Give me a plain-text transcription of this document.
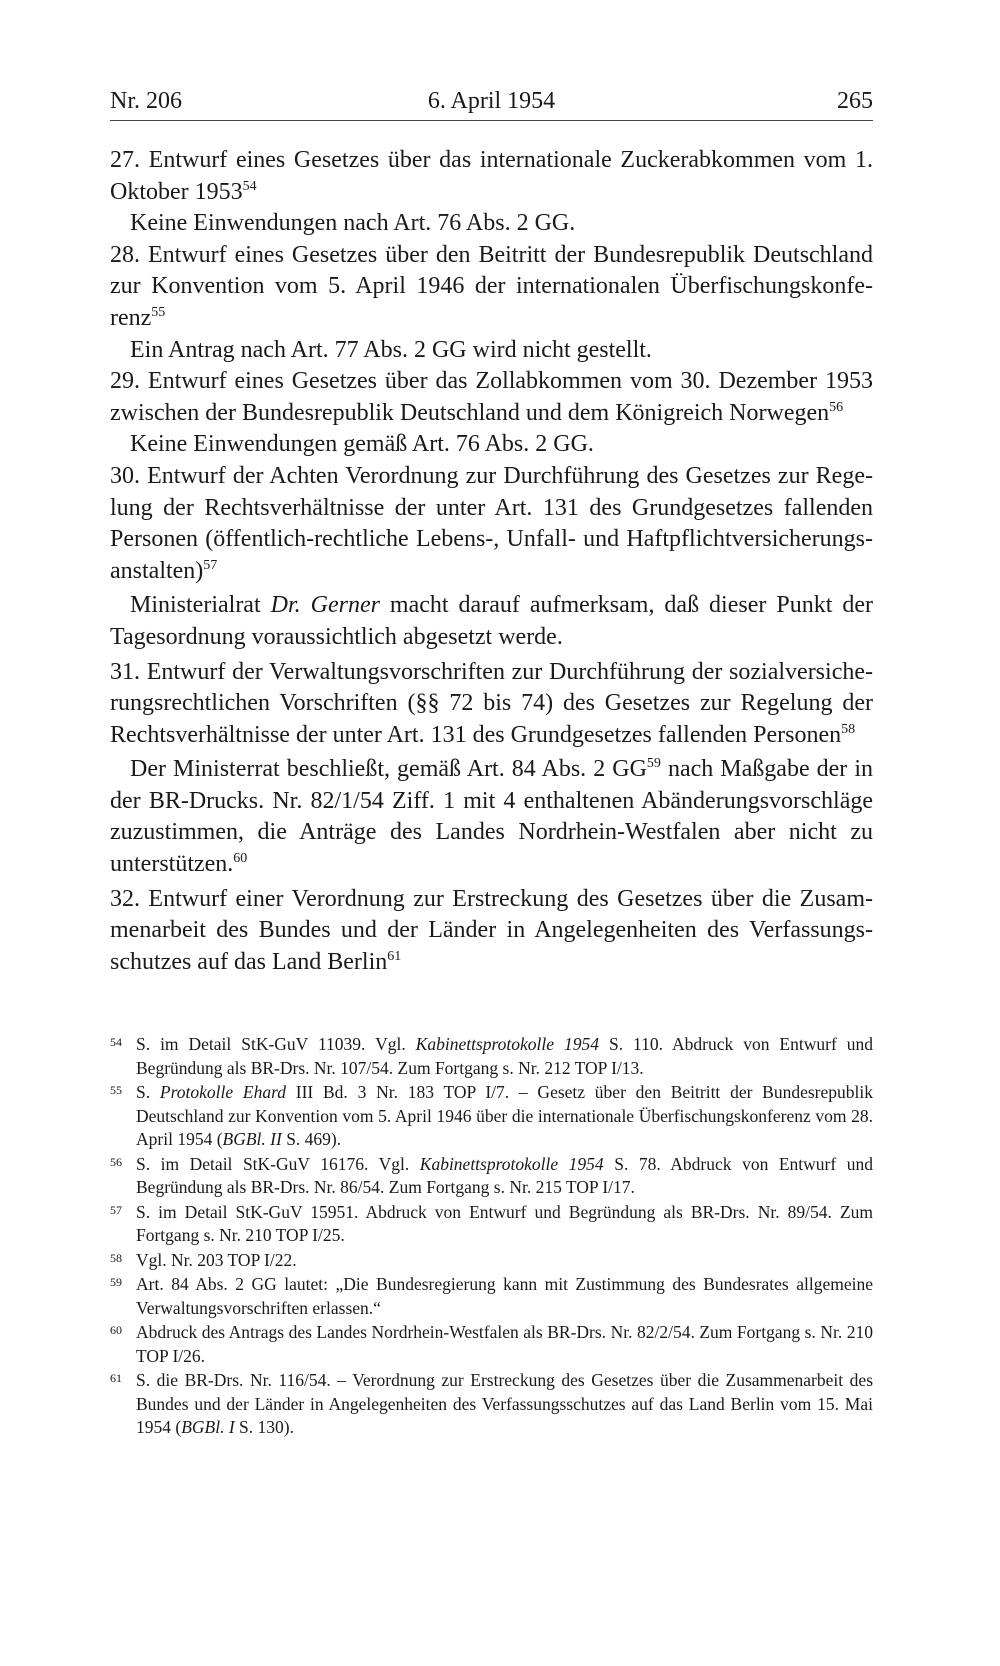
Nr. 206	6. April 1954	265

27. Entwurf eines Gesetzes über das internationale Zuckerabkommen vom 1. Oktober 1953$^{54}$

Keine Einwendungen nach Art. 76 Abs. 2 GG.

28. Entwurf eines Gesetzes über den Beitritt der Bundesrepublik Deutschland zur Konvention vom 5. April 1946 der internationalen Überfischungskonferenz$^{55}$

Ein Antrag nach Art. 77 Abs. 2 GG wird nicht gestellt.

29. Entwurf eines Gesetzes über das Zollabkommen vom 30. Dezember 1953 zwischen der Bundesrepublik Deutschland und dem Königreich Norwegen$^{56}$

Keine Einwendungen gemäß Art. 76 Abs. 2 GG.

30. Entwurf der Achten Verordnung zur Durchführung des Gesetzes zur Regelung der Rechtsverhältnisse der unter Art. 131 des Grundgesetzes fallenden Personen (öffentlich-rechtliche Lebens-, Unfall- und Haftpflichtversicherungsanstalten)$^{57}$

Ministerialrat Dr. Gerner macht darauf aufmerksam, daß dieser Punkt der Tagesordnung voraussichtlich abgesetzt werde.

31. Entwurf der Verwaltungsvorschriften zur Durchführung der sozialversicherungsrechtlichen Vorschriften (§§ 72 bis 74) des Gesetzes zur Regelung der Rechtsverhältnisse der unter Art. 131 des Grundgesetzes fallenden Personen$^{58}$

Der Ministerrat beschließt, gemäß Art. 84 Abs. 2 GG$^{59}$ nach Maßgabe der in der BR-Drucks. Nr. 82/1/54 Ziff. 1 mit 4 enthaltenen Abänderungsvorschläge zuzustimmen, die Anträge des Landes Nordrhein-Westfalen aber nicht zu unterstützen.$^{60}$

32. Entwurf einer Verordnung zur Erstreckung des Gesetzes über die Zusammenarbeit des Bundes und der Länder in Angelegenheiten des Verfassungsschutzes auf das Land Berlin$^{61}$

54 S. im Detail StK-GuV 11039. Vgl. Kabinettsprotokolle 1954 S. 110. Abdruck von Entwurf und Begründung als BR-Drs. Nr. 107/54. Zum Fortgang s. Nr. 212 TOP I/13.
55 S. Protokolle Ehard III Bd. 3 Nr. 183 TOP I/7. – Gesetz über den Beitritt der Bundesrepublik Deutschland zur Konvention vom 5. April 1946 über die internationale Überfischungskonferenz vom 28. April 1954 (BGBl. II S. 469).
56 S. im Detail StK-GuV 16176. Vgl. Kabinettsprotokolle 1954 S. 78. Abdruck von Entwurf und Begründung als BR-Drs. Nr. 86/54. Zum Fortgang s. Nr. 215 TOP I/17.
57 S. im Detail StK-GuV 15951. Abdruck von Entwurf und Begründung als BR-Drs. Nr. 89/54. Zum Fortgang s. Nr. 210 TOP I/25.
58 Vgl. Nr. 203 TOP I/22.
59 Art. 84 Abs. 2 GG lautet: „Die Bundesregierung kann mit Zustimmung des Bundesrates allgemeine Verwaltungsvorschriften erlassen.“
60 Abdruck des Antrags des Landes Nordrhein-Westfalen als BR-Drs. Nr. 82/2/54. Zum Fortgang s. Nr. 210 TOP I/26.
61 S. die BR-Drs. Nr. 116/54. – Verordnung zur Erstreckung des Gesetzes über die Zusammenarbeit des Bundes und der Länder in Angelegenheiten des Verfassungsschutzes auf das Land Berlin vom 15. Mai 1954 (BGBl. I S. 130).
